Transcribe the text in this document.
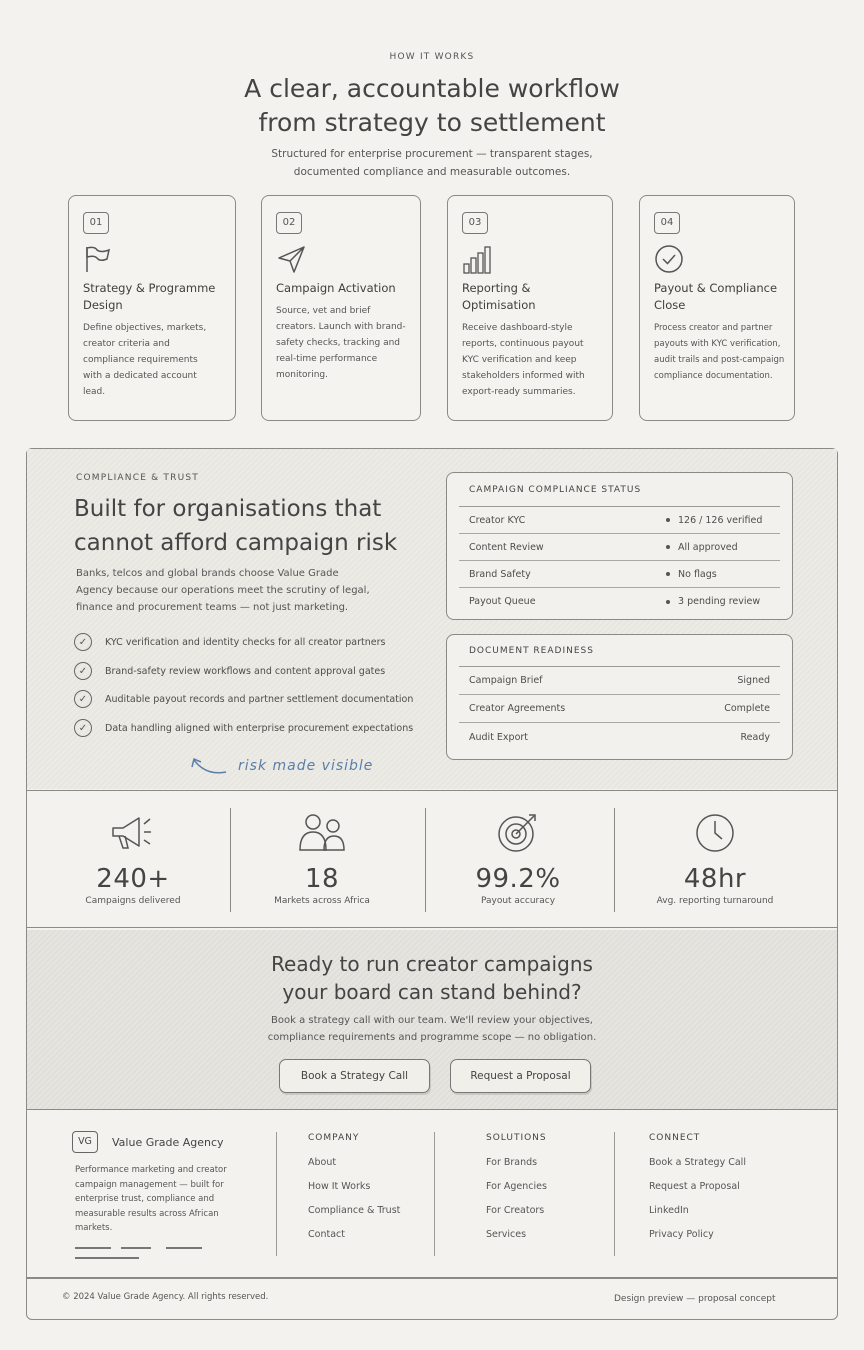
HOW IT WORKS
A clear, accountable workflow
from strategy to settlement

Structured for enterprise procurement — transparent stages,
documented compliance and measurable outcomes.

01
Strategy & Programme Design
Define objectives, markets, creator criteria and compliance requirements with a dedicated account lead.
02
Campaign Activation
Source, vet and brief creators. Launch with brand-safety checks, tracking and real-time performance monitoring.
03
Reporting & Optimisation
Receive dashboard-style reports, continuous payout KYC verification and keep stakeholders informed with export-ready summaries.
04
Payout & Compliance Close
Process creator and partner payouts with KYC verification, audit trails and post-campaign compliance documentation.
COMPLIANCE & TRUST
Built for organisations that
cannot afford campaign risk

Banks, telcos and global brands choose Value Grade Agency because our operations meet the scrutiny of legal, finance and procurement teams — not just marketing.

✓	KYC verification and identity checks for all creator partners
✓	Brand-safety review workflows and content approval gates
✓	Auditable payout records and partner settlement documentation
✓	Data handling aligned with enterprise procurement expectations
risk made visible
CAMPAIGN COMPLIANCE STATUS
Creator KYC	126 / 126 verified
Content Review	All approved
Brand Safety	No flags
Payout Queue	3 pending review
DOCUMENT READINESS
Campaign Brief	Signed
Creator Agreements	Complete
Audit Export	Ready
240+
Campaigns delivered
18
Markets across Africa
99.2%
Payout accuracy
48hr
Avg. reporting turnaround
Ready to run creator campaigns
your board can stand behind?

Book a strategy call with our team. We'll review your objectives,
compliance requirements and programme scope — no obligation.

Book a Strategy Call	Request a Proposal
VG	Value Grade Agency

Performance marketing and creator campaign management — built for enterprise trust, compliance and measurable results across African markets.

COMPANY
About
How It Works
Compliance & Trust
Contact
SOLUTIONS
For Brands
For Agencies
For Creators
Services
CONNECT
Book a Strategy Call
Request a Proposal
LinkedIn
Privacy Policy
© 2024 Value Grade Agency. All rights reserved.	Design preview — proposal concept
